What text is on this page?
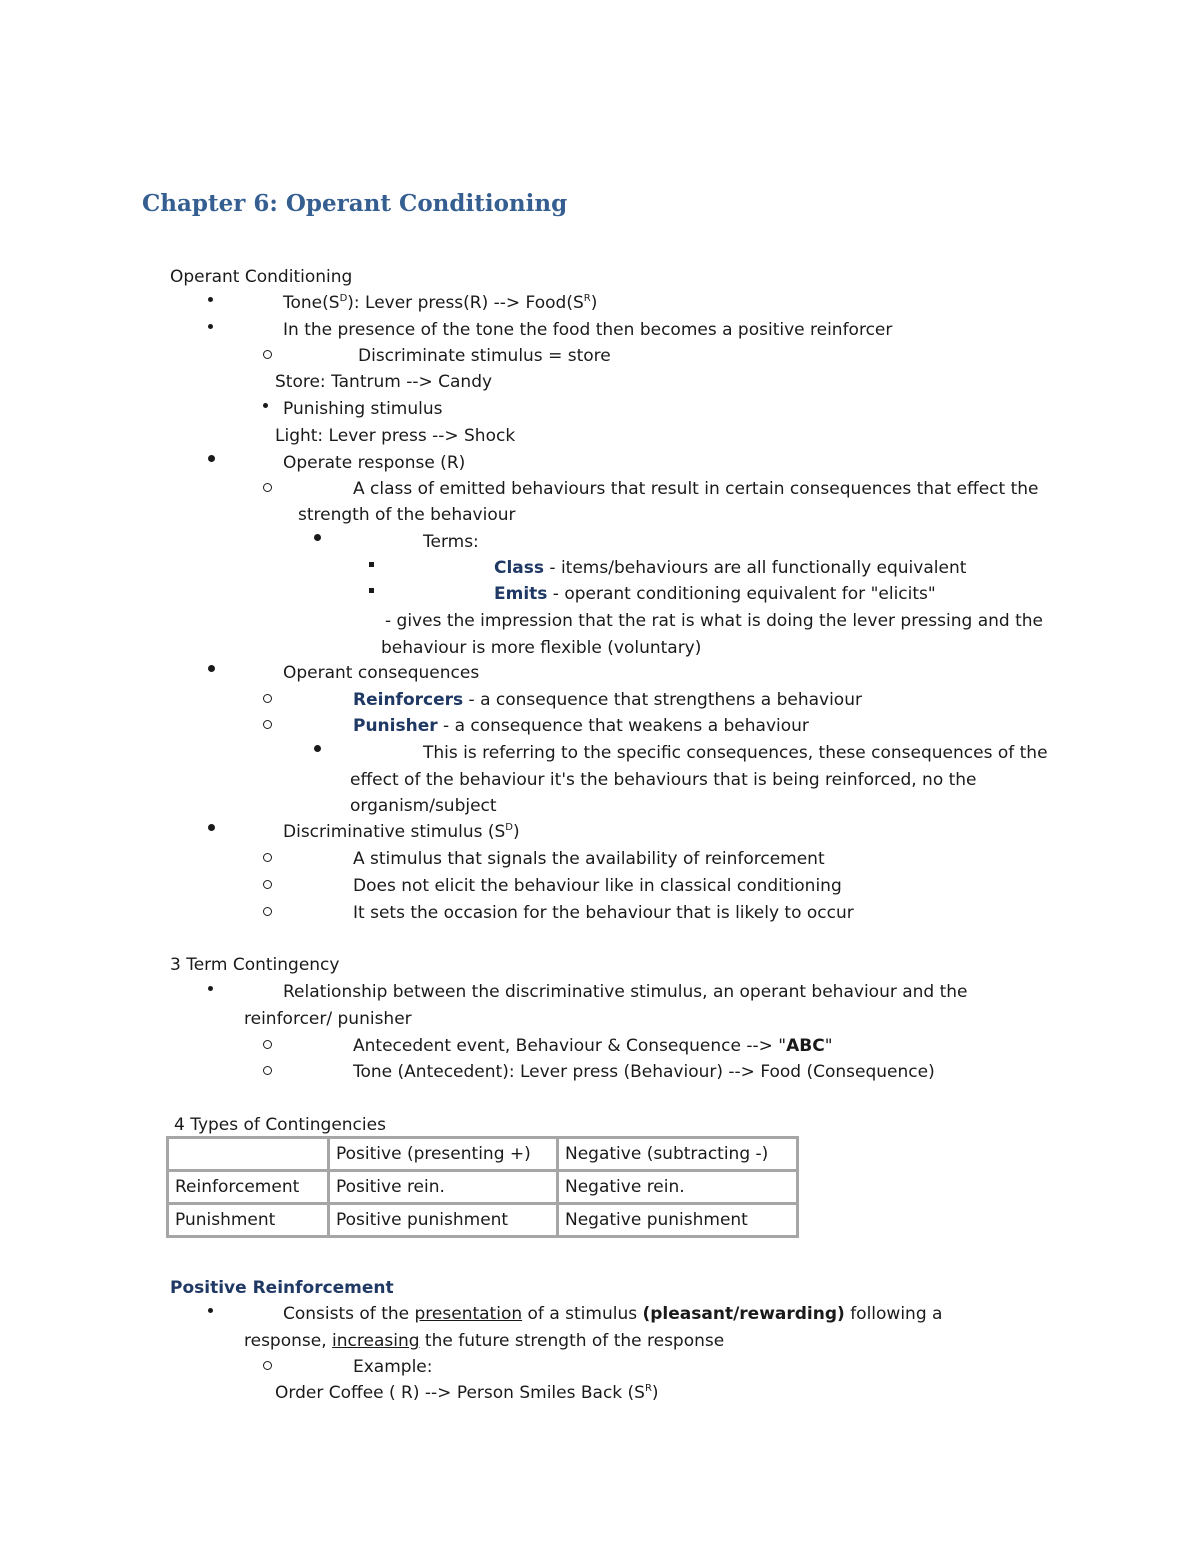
Chapter 6: Operant Conditioning
Operant Conditioning
$Tone(S^D)$: Lever press(R) --> $Food(S^R)$
In the presence of the tone the food then becomes a positive reinforcer
Discriminate stimulus = store
Store: Tantrum --> Candy
Punishing stimulus
Light: Lever press --> Shock
Operate response (R)
A class of emitted behaviours that result in certain consequences that effect the
strength of the behaviour
Terms:
Class - items/behaviours are all functionally equivalent
Emits - operant conditioning equivalent for "elicits"
- gives the impression that the rat is what is doing the lever pressing and the
behaviour is more flexible (voluntary)
Operant consequences
Reinforcers - a consequence that strengthens a behaviour
Punisher - a consequence that weakens a behaviour
This is referring to the specific consequences, these consequences of the
effect of the behaviour it's the behaviours that is being reinforced, no the
organism/subject
Discriminative stimulus $(S^D)$
A stimulus that signals the availability of reinforcement
Does not elicit the behaviour like in classical conditioning
It sets the occasion for the behaviour that is likely to occur
3 Term Contingency
Relationship between the discriminative stimulus, an operant behaviour and the
reinforcer/ punisher
Antecedent event, Behaviour & Consequence --> "ABC"
Tone (Antecedent): Lever press (Behaviour) --> Food (Consequence)
4 Types of Contingencies
	Positive (presenting +)	Negative (subtracting -)
Reinforcement	Positive rein.	Negative rein.
Punishment	Positive punishment	Negative punishment
Positive Reinforcement
Consists of the presentation of a stimulus (pleasant/rewarding) following a
response, increasing the future strength of the response
Example:
Order Coffee ( R) --> Person Smiles Back $(S^R)$
